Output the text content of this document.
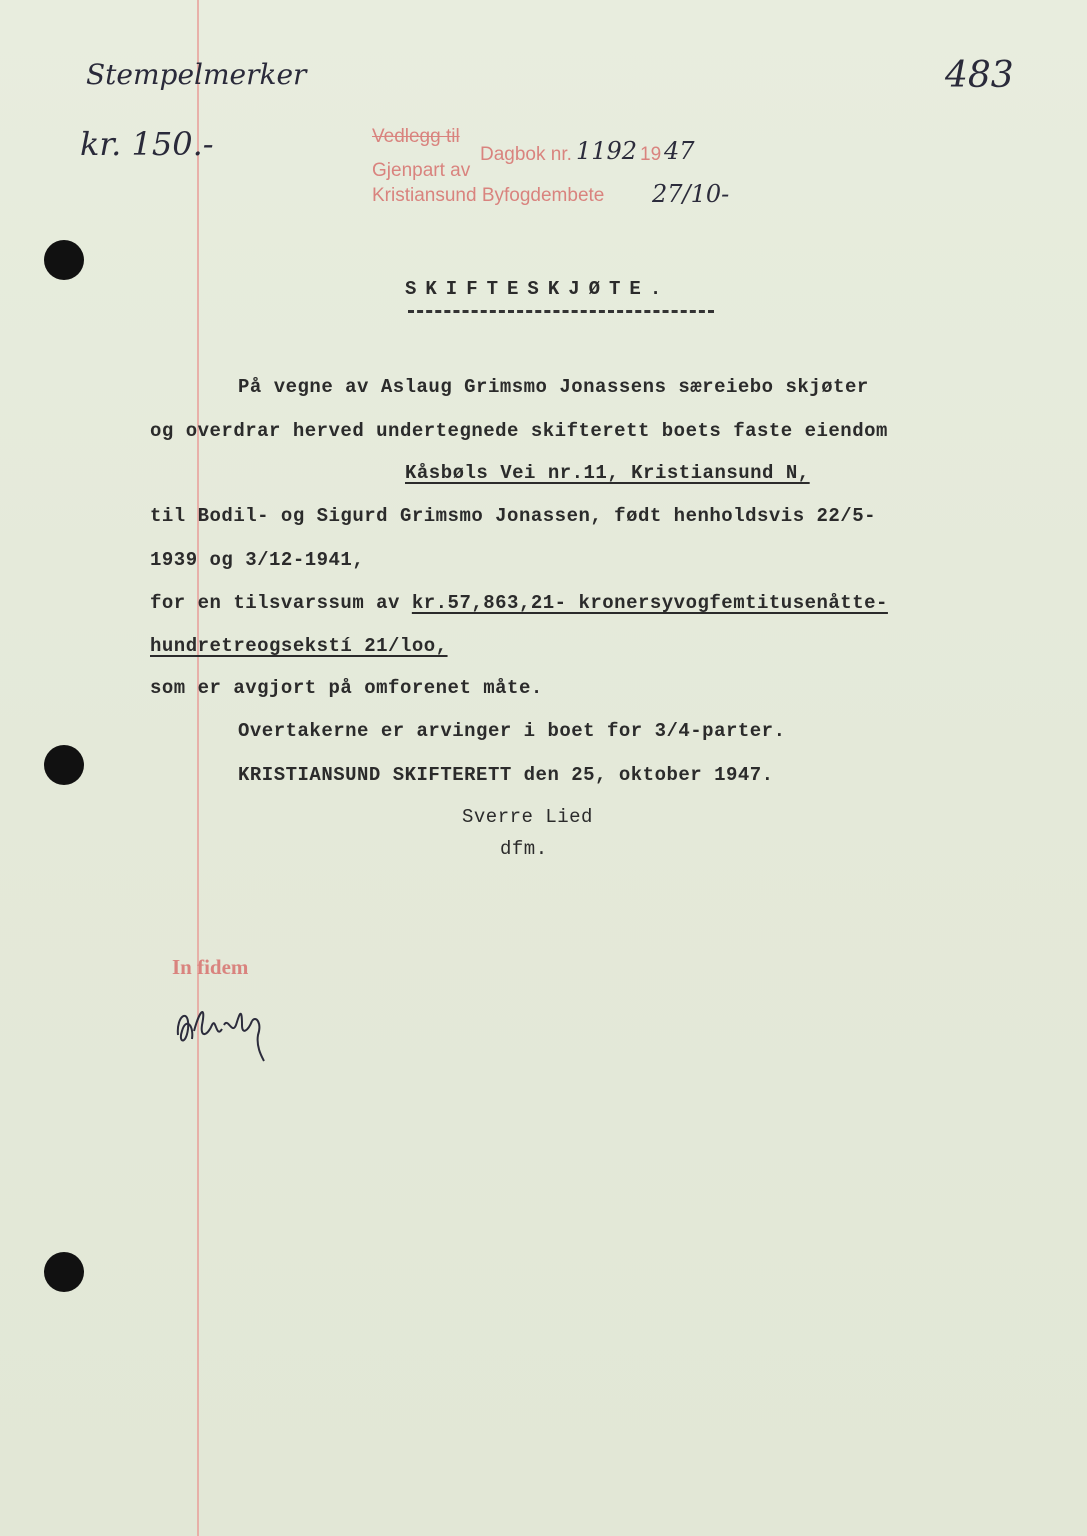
Stempelmerker
kr. 150.-
483
Vedlegg til
Dagbok nr. 1192 19 47
Gjenpart av
Kristiansund Byfogdembete 27/10-
SKIFTESKJØTE.
På vegne av Aslaug Grimsmo Jonassens særeiebo skjøter
og overdrar herved undertegnede skifterett boets faste eiendom
Kåsbøls Vei nr.11, Kristiansund N,
til Bodil- og Sigurd Grimsmo Jonassen, født henholdsvis 22/5-
1939 og 3/12-1941,
for en tilsvarssum av kr.57,863,21- kronersyvogfemtitusenåtte-
hundretreogsekstí 21/loo,
som er avgjort på omforenet måte.
Overtakerne er arvinger i boet for 3/4-parter.
KRISTIANSUND SKIFTERETT den 25, oktober 1947.
Sverre Lied
dfm.
In fidem
